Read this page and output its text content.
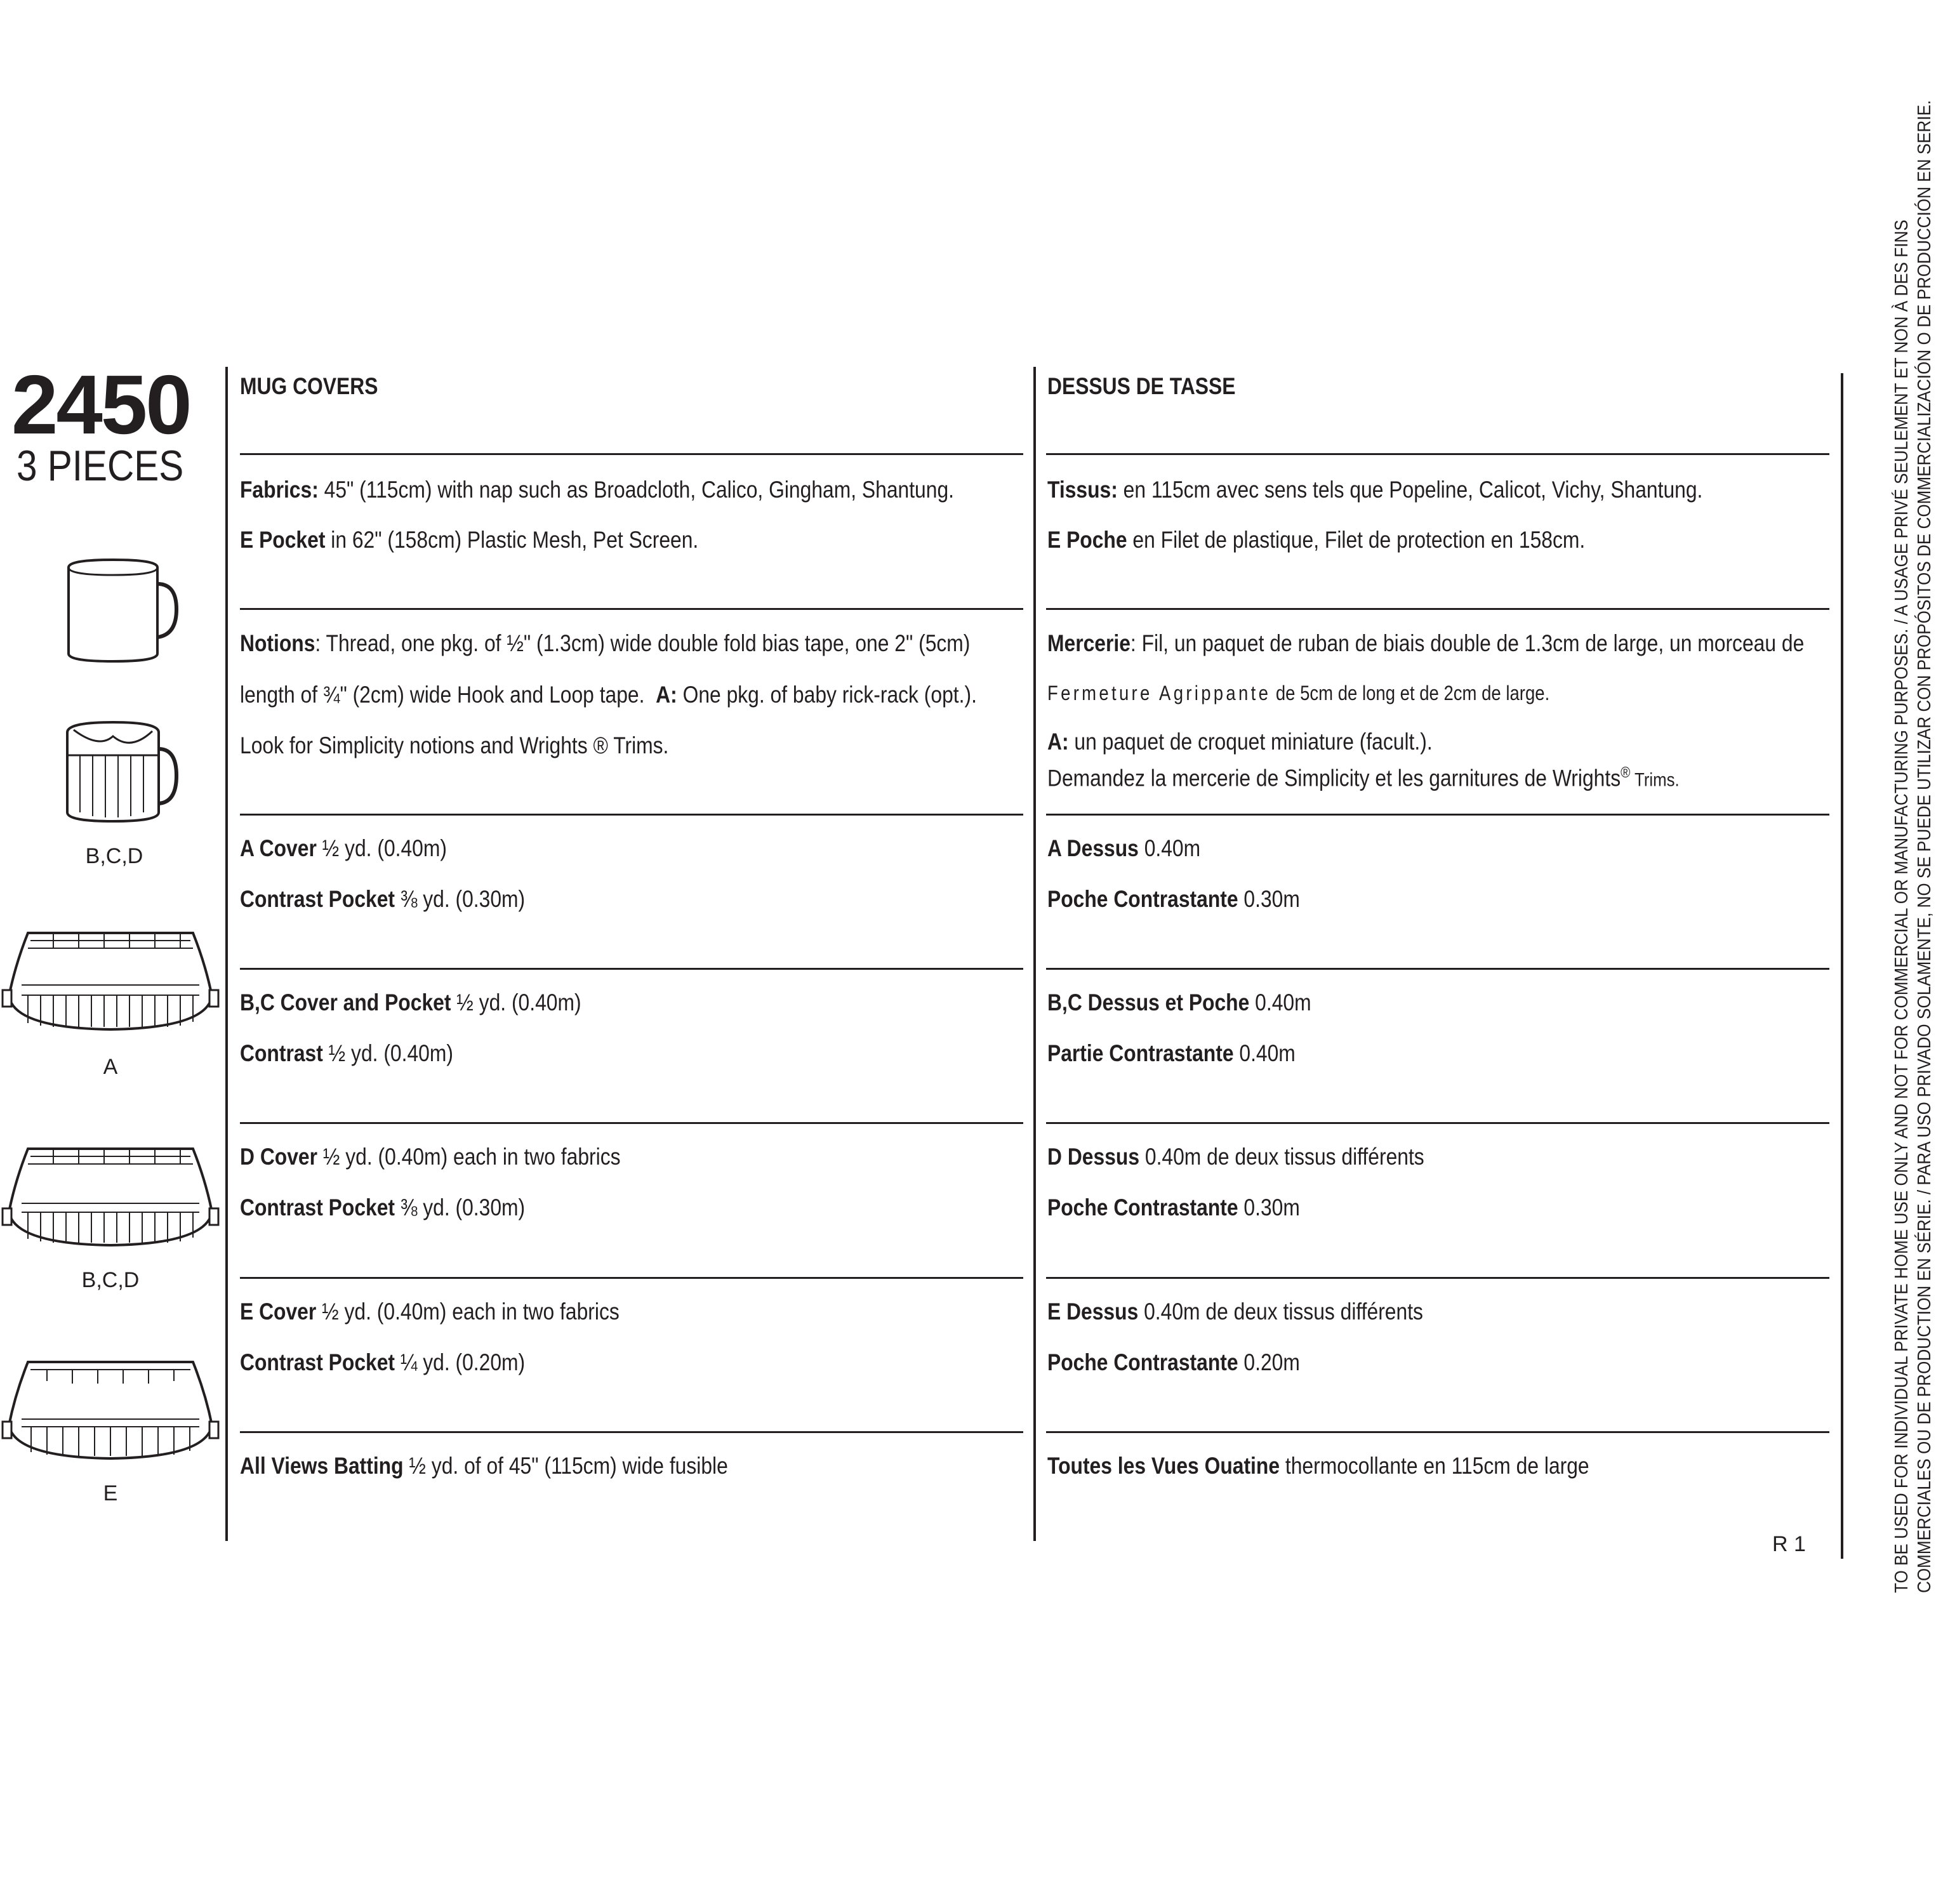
2450
3 PIECES
B,C,D
A
B,C,D
E
MUG COVERS
Fabrics: 45" (115cm) with nap such as Broadcloth, Calico, Gingham, Shantung.
E Pocket in 62" (158cm) Plastic Mesh, Pet Screen.
Notions: Thread, one pkg. of ½" (1.3cm) wide double fold bias tape, one 2" (5cm)
length of ¾" (2cm) wide Hook and Loop tape. A: One pkg. of baby rick-rack (opt.).
Look for Simplicity notions and Wrights ® Trims.
A Cover ½ yd. (0.40m)
Contrast Pocket ⅜ yd. (0.30m)
B,C Cover and Pocket ½ yd. (0.40m)
Contrast ½ yd. (0.40m)
D Cover ½ yd. (0.40m) each in two fabrics
Contrast Pocket ⅜ yd. (0.30m)
E Cover ½ yd. (0.40m) each in two fabrics
Contrast Pocket ¼ yd. (0.20m)
All Views Batting ½ yd. of of 45" (115cm) wide fusible
DESSUS DE TASSE
Tissus: en 115cm avec sens tels que Popeline, Calicot, Vichy, Shantung.
E Poche en Filet de plastique, Filet de protection en 158cm.
Mercerie: Fil, un paquet de ruban de biais double de 1.3cm de large, un morceau de
Fermeture Agrippante de 5cm de long et de 2cm de large.
A: un paquet de croquet miniature (facult.).
Demandez la mercerie de Simplicity et les garnitures de Wrights® Trims.
A Dessus 0.40m
Poche Contrastante 0.30m
B,C Dessus et Poche 0.40m
Partie Contrastante 0.40m
D Dessus 0.40m de deux tissus différents
Poche Contrastante 0.30m
E Dessus 0.40m de deux tissus différents
Poche Contrastante 0.20m
Toutes les Vues Ouatine thermocollante en 115cm de large
R 1	TO BE USED FOR INDIVIDUAL PRIVATE HOME USE ONLY AND NOT FOR COMMERCIAL OR MANUFACTURING PURPOSES. / A USAGE PRIVÉ SEULEMENT ET NON À DES FINS COMMERCIALES OU DE PRODUCTION EN SÉRIE. / PARA USO PRIVADO SOLAMENTE, NO SE PUEDE UTILIZAR CON PROPÓSITOS DE COMMERCIALIZACIÓN O DE PRODUCCIÓN EN SERIE.
